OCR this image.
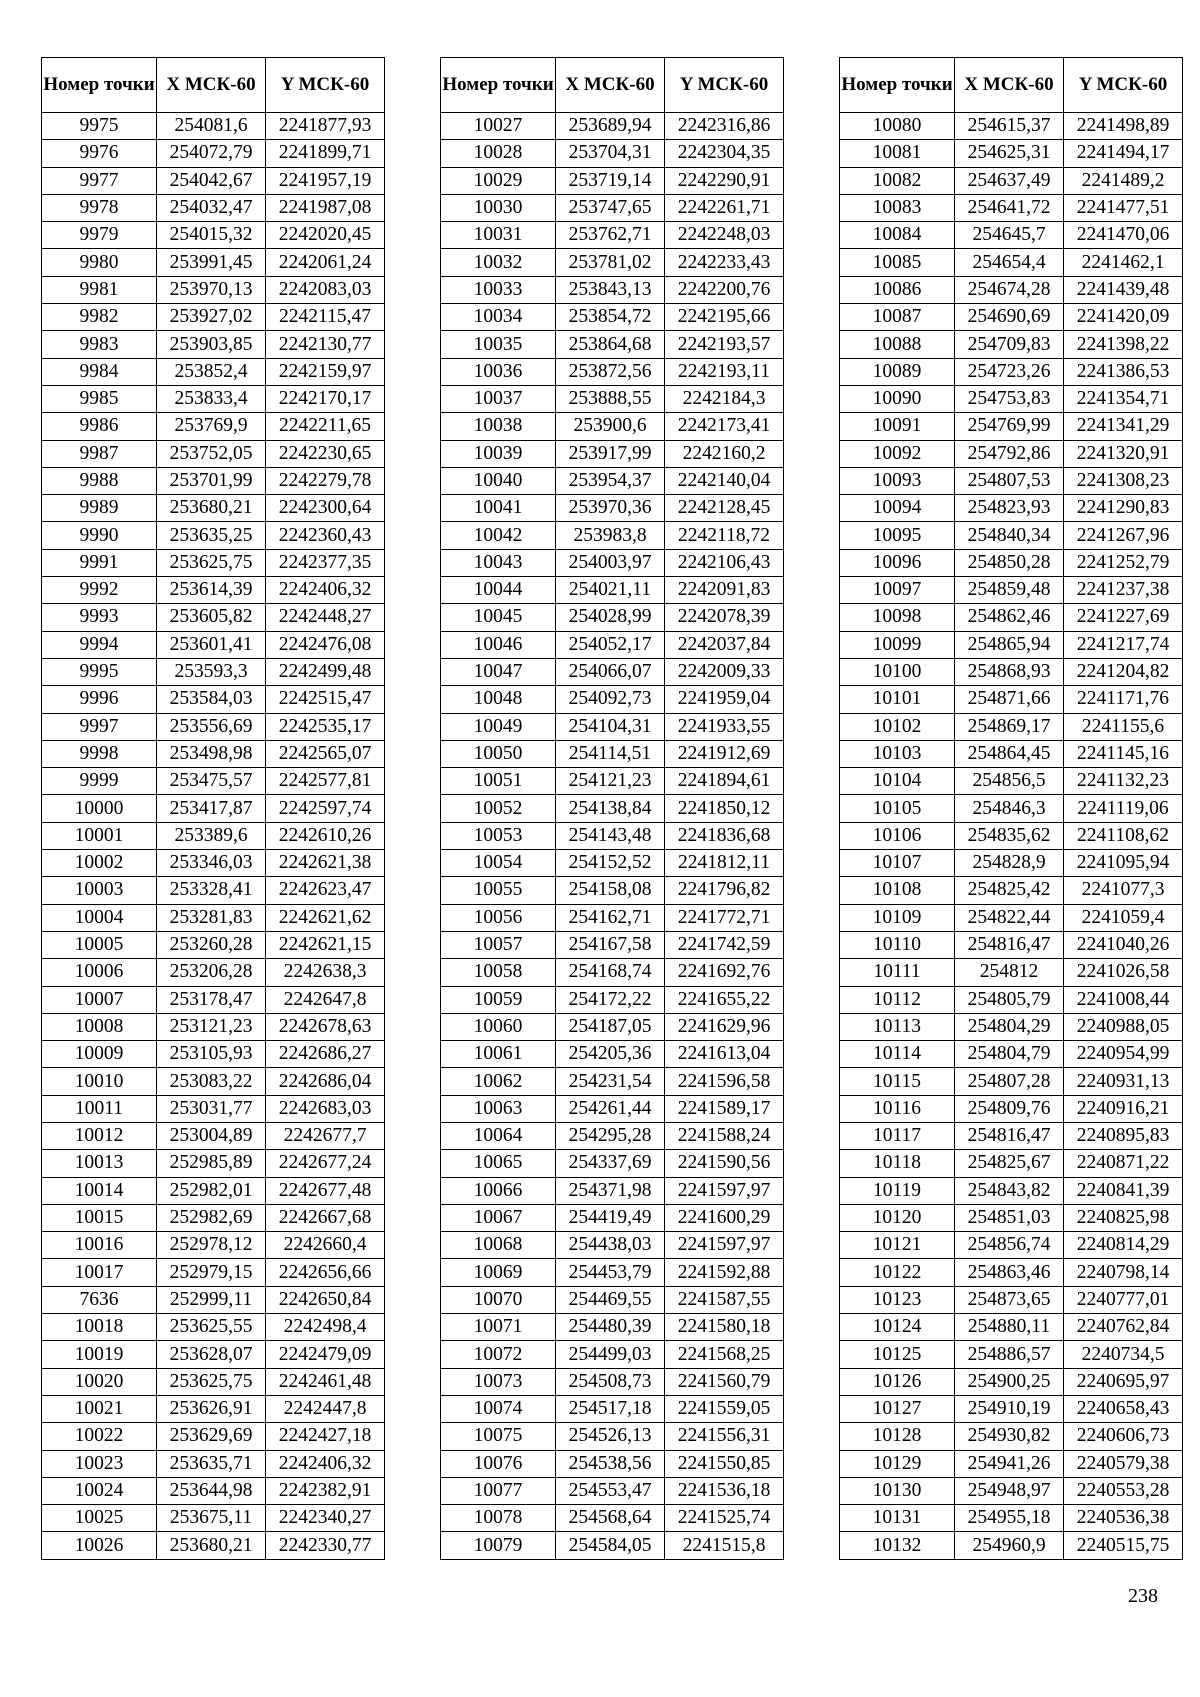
Номер точки	X МСК-60	Y МСК-60
9975	254081,6	2241877,93
9976	254072,79	2241899,71
9977	254042,67	2241957,19
9978	254032,47	2241987,08
9979	254015,32	2242020,45
9980	253991,45	2242061,24
9981	253970,13	2242083,03
9982	253927,02	2242115,47
9983	253903,85	2242130,77
9984	253852,4	2242159,97
9985	253833,4	2242170,17
9986	253769,9	2242211,65
9987	253752,05	2242230,65
9988	253701,99	2242279,78
9989	253680,21	2242300,64
9990	253635,25	2242360,43
9991	253625,75	2242377,35
9992	253614,39	2242406,32
9993	253605,82	2242448,27
9994	253601,41	2242476,08
9995	253593,3	2242499,48
9996	253584,03	2242515,47
9997	253556,69	2242535,17
9998	253498,98	2242565,07
9999	253475,57	2242577,81
10000	253417,87	2242597,74
10001	253389,6	2242610,26
10002	253346,03	2242621,38
10003	253328,41	2242623,47
10004	253281,83	2242621,62
10005	253260,28	2242621,15
10006	253206,28	2242638,3
10007	253178,47	2242647,8
10008	253121,23	2242678,63
10009	253105,93	2242686,27
10010	253083,22	2242686,04
10011	253031,77	2242683,03
10012	253004,89	2242677,7
10013	252985,89	2242677,24
10014	252982,01	2242677,48
10015	252982,69	2242667,68
10016	252978,12	2242660,4
10017	252979,15	2242656,66
7636	252999,11	2242650,84
10018	253625,55	2242498,4
10019	253628,07	2242479,09
10020	253625,75	2242461,48
10021	253626,91	2242447,8
10022	253629,69	2242427,18
10023	253635,71	2242406,32
10024	253644,98	2242382,91
10025	253675,11	2242340,27
10026	253680,21	2242330,77
Номер точки	X МСК-60	Y МСК-60
10027	253689,94	2242316,86
10028	253704,31	2242304,35
10029	253719,14	2242290,91
10030	253747,65	2242261,71
10031	253762,71	2242248,03
10032	253781,02	2242233,43
10033	253843,13	2242200,76
10034	253854,72	2242195,66
10035	253864,68	2242193,57
10036	253872,56	2242193,11
10037	253888,55	2242184,3
10038	253900,6	2242173,41
10039	253917,99	2242160,2
10040	253954,37	2242140,04
10041	253970,36	2242128,45
10042	253983,8	2242118,72
10043	254003,97	2242106,43
10044	254021,11	2242091,83
10045	254028,99	2242078,39
10046	254052,17	2242037,84
10047	254066,07	2242009,33
10048	254092,73	2241959,04
10049	254104,31	2241933,55
10050	254114,51	2241912,69
10051	254121,23	2241894,61
10052	254138,84	2241850,12
10053	254143,48	2241836,68
10054	254152,52	2241812,11
10055	254158,08	2241796,82
10056	254162,71	2241772,71
10057	254167,58	2241742,59
10058	254168,74	2241692,76
10059	254172,22	2241655,22
10060	254187,05	2241629,96
10061	254205,36	2241613,04
10062	254231,54	2241596,58
10063	254261,44	2241589,17
10064	254295,28	2241588,24
10065	254337,69	2241590,56
10066	254371,98	2241597,97
10067	254419,49	2241600,29
10068	254438,03	2241597,97
10069	254453,79	2241592,88
10070	254469,55	2241587,55
10071	254480,39	2241580,18
10072	254499,03	2241568,25
10073	254508,73	2241560,79
10074	254517,18	2241559,05
10075	254526,13	2241556,31
10076	254538,56	2241550,85
10077	254553,47	2241536,18
10078	254568,64	2241525,74
10079	254584,05	2241515,8
Номер точки	X МСК-60	Y МСК-60
10080	254615,37	2241498,89
10081	254625,31	2241494,17
10082	254637,49	2241489,2
10083	254641,72	2241477,51
10084	254645,7	2241470,06
10085	254654,4	2241462,1
10086	254674,28	2241439,48
10087	254690,69	2241420,09
10088	254709,83	2241398,22
10089	254723,26	2241386,53
10090	254753,83	2241354,71
10091	254769,99	2241341,29
10092	254792,86	2241320,91
10093	254807,53	2241308,23
10094	254823,93	2241290,83
10095	254840,34	2241267,96
10096	254850,28	2241252,79
10097	254859,48	2241237,38
10098	254862,46	2241227,69
10099	254865,94	2241217,74
10100	254868,93	2241204,82
10101	254871,66	2241171,76
10102	254869,17	2241155,6
10103	254864,45	2241145,16
10104	254856,5	2241132,23
10105	254846,3	2241119,06
10106	254835,62	2241108,62
10107	254828,9	2241095,94
10108	254825,42	2241077,3
10109	254822,44	2241059,4
10110	254816,47	2241040,26
10111	254812	2241026,58
10112	254805,79	2241008,44
10113	254804,29	2240988,05
10114	254804,79	2240954,99
10115	254807,28	2240931,13
10116	254809,76	2240916,21
10117	254816,47	2240895,83
10118	254825,67	2240871,22
10119	254843,82	2240841,39
10120	254851,03	2240825,98
10121	254856,74	2240814,29
10122	254863,46	2240798,14
10123	254873,65	2240777,01
10124	254880,11	2240762,84
10125	254886,57	2240734,5
10126	254900,25	2240695,97
10127	254910,19	2240658,43
10128	254930,82	2240606,73
10129	254941,26	2240579,38
10130	254948,97	2240553,28
10131	254955,18	2240536,38
10132	254960,9	2240515,75
238
